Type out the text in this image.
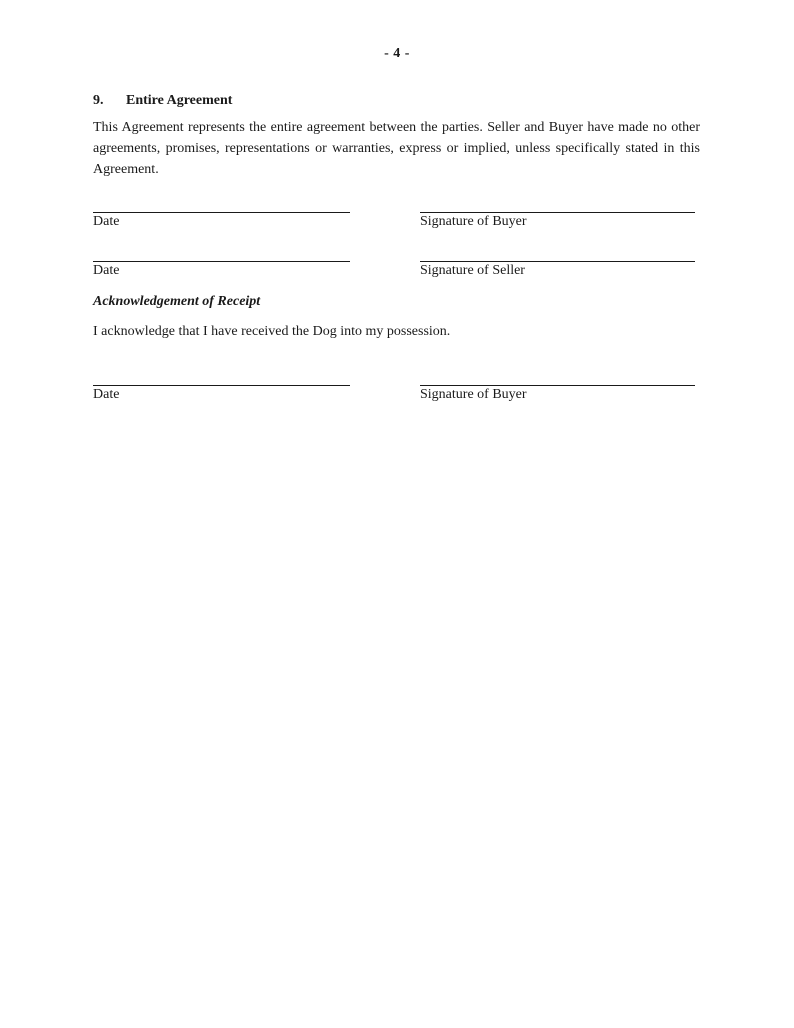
- 4 -
9. Entire Agreement

This Agreement represents the entire agreement between the parties. Seller and Buyer have made no other agreements, promises, representations or warranties, express or implied, unless specifically stated in this Agreement.

Date	Signature of Buyer
Date	Signature of Seller
Acknowledgement of Receipt
I acknowledge that I have received the Dog into my possession.
Date	Signature of Buyer
